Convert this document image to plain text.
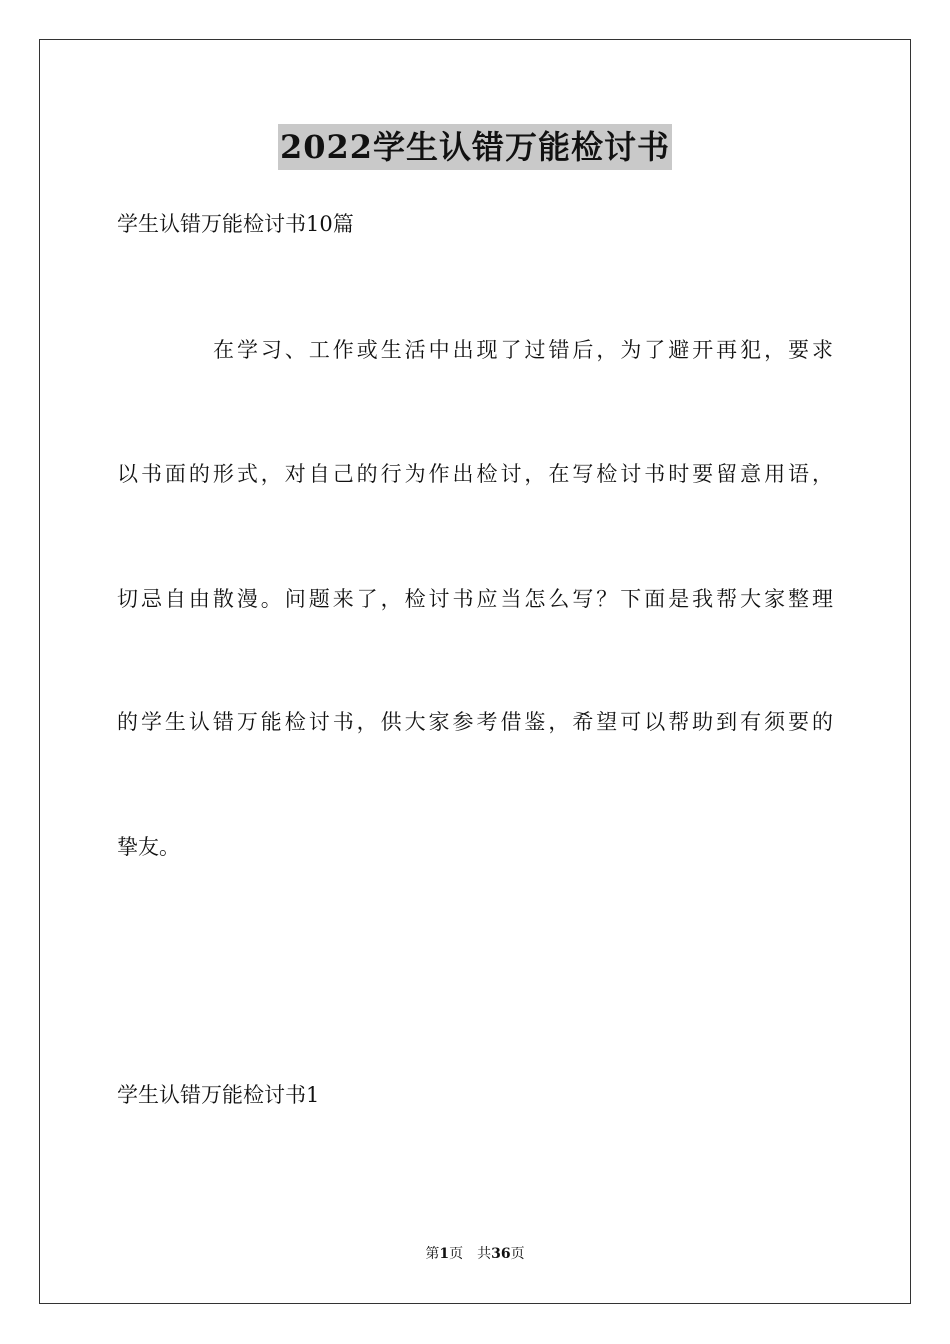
2022学生认错万能检讨书
学生认错万能检讨书10篇
在学习、工作或生活中出现了过错后，为了避开再犯，要求
以书面的形式，对自己的行为作出检讨，在写检讨书时要留意用语，
切忌自由散漫。问题来了，检讨书应当怎么写？下面是我帮大家整理
的学生认错万能检讨书，供大家参考借鉴，希望可以帮助到有须要的
挚友。
学生认错万能检讨书1
第1页 共36页
